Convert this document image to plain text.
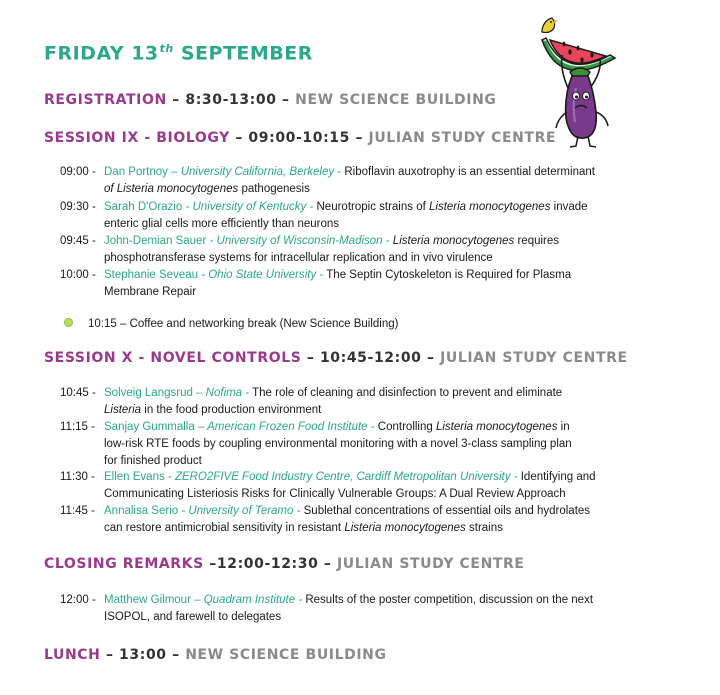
FRIDAY 13th SEPTEMBER
REGISTRATION – 8:30-13:00 – NEW SCIENCE BUILDING
SESSION IX - BIOLOGY – 09:00-10:15 – JULIAN STUDY CENTRE
09:00 - Dan Portnoy – University California, Berkeley - Riboflavin auxotrophy is an essential determinant
of Listeria monocytogenes pathogenesis
09:30 - Sarah D'Orazio - University of Kentucky - Neurotropic strains of Listeria monocytogenes invade
enteric glial cells more efficiently than neurons
09:45 - John-Demian Sauer - University of Wisconsin-Madison - Listeria monocytogenes requires
phosphotransferase systems for intracellular replication and in vivo virulence
10:00 - Stephanie Seveau - Ohio State University - The Septin Cytoskeleton is Required for Plasma
Membrane Repair
10:15 – Coffee and networking break (New Science Building)
SESSION X - NOVEL CONTROLS – 10:45-12:00 – JULIAN STUDY CENTRE
10:45 - Solveig Langsrud – Nofima - The role of cleaning and disinfection to prevent and eliminate
Listeria in the food production environment
11:15 - Sanjay Gummalla – American Frozen Food Institute - Controlling Listeria monocytogenes in
low-risk RTE foods by coupling environmental monitoring with a novel 3-class sampling plan
for finished product
11:30 - Ellen Evans - ZERO2FIVE Food Industry Centre, Cardiff Metropolitan University - Identifying and
Communicating Listeriosis Risks for Clinically Vulnerable Groups: A Dual Review Approach
11:45 - Annalisa Serio - University of Teramo - Sublethal concentrations of essential oils and hydrolates
can restore antimicrobial sensitivity in resistant Listeria monocytogenes strains
CLOSING REMARKS –12:00-12:30 – JULIAN STUDY CENTRE
12:00 - Matthew Gilmour – Quadram Institute - Results of the poster competition, discussion on the next
ISOPOL, and farewell to delegates
LUNCH – 13:00 – NEW SCIENCE BUILDING
